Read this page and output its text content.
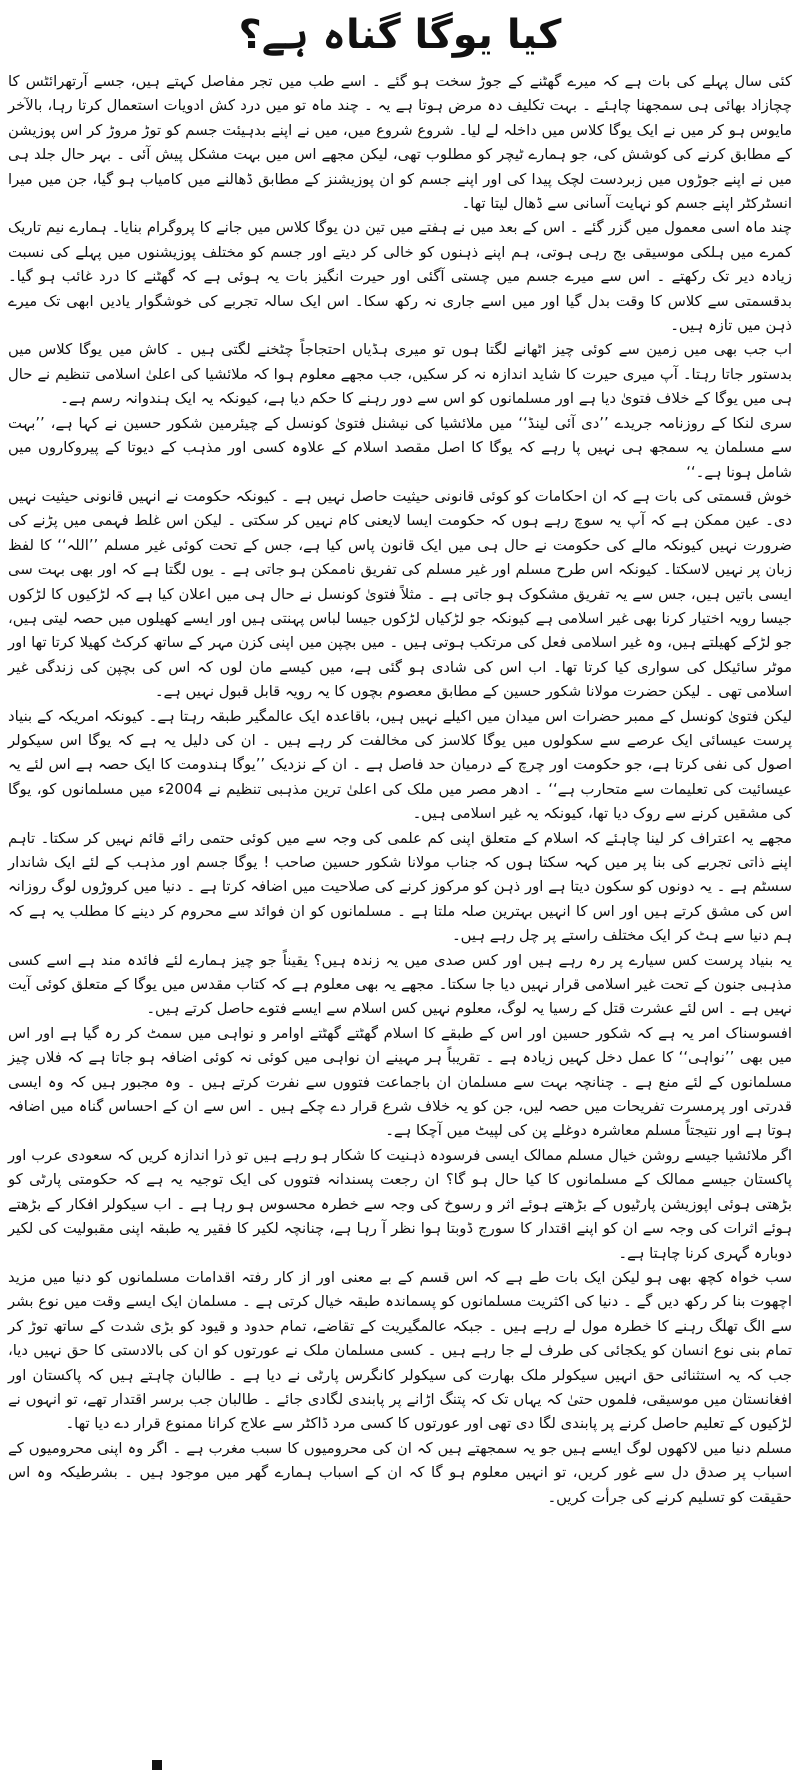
کیا یوگا گناہ ہے؟

کئی سال پہلے کی بات ہے کہ میرے گھٹنے کے جوڑ سخت ہو گئے ۔ اسے طب میں تجر مفاصل کہتے ہیں، جسے آرتھرائٹس کا چچازاد بھائی ہی سمجھنا چاہئے ۔ بہت تکلیف دہ مرض ہوتا ہے یہ ۔ چند ماہ تو میں درد کش ادویات استعمال کرتا رہا، بالآخر مایوس ہو کر میں نے ایک یوگا کلاس میں داخلہ لے لیا۔ شروع شروع میں، میں نے اپنے بدہیئت جسم کو توڑ مروڑ کر اس پوزیشن کے مطابق کرنے کی کوشش کی، جو ہمارے ٹیچر کو مطلوب تھی، لیکن مجھے اس میں بہت مشکل پیش آئی ۔ بہر حال جلد ہی میں نے اپنے جوڑوں میں زبردست لچک پیدا کی اور اپنے جسم کو ان پوزیشنز کے مطابق ڈھالنے میں کامیاب ہو گیا، جن میں میرا انسٹرکٹر اپنے جسم کو نہایت آسانی سے ڈھال لیتا تھا۔

چند ماہ اسی معمول میں گزر گئے ۔ اس کے بعد میں نے ہفتے میں تین دن یوگا کلاس میں جانے کا پروگرام بنایا۔ ہمارے نیم تاریک کمرے میں ہلکی موسیقی بج رہی ہوتی، ہم اپنے ذہنوں کو خالی کر دیتے اور جسم کو مختلف پوزیشنوں میں پہلے کی نسبت زیادہ دیر تک رکھتے ۔ اس سے میرے جسم میں چستی آگئی اور حیرت انگیز بات یہ ہوئی ہے کہ گھٹنے کا درد غائب ہو گیا۔ بدقسمتی سے کلاس کا وقت بدل گیا اور میں اسے جاری نہ رکھ سکا۔ اس ایک سالہ تجربے کی خوشگوار یادیں ابھی تک میرے ذہن میں تازہ ہیں۔

اب جب بھی میں زمین سے کوئی چیز اٹھانے لگتا ہوں تو میری ہڈیاں احتجاجاً چٹخنے لگتی ہیں ۔ کاش میں یوگا کلاس میں بدستور جاتا رہتا۔ آپ میری حیرت کا شاید اندازہ نہ کر سکیں، جب مجھے معلوم ہوا کہ ملائشیا کی اعلیٰ اسلامی تنظیم نے حال ہی میں یوگا کے خلاف فتویٰ دیا ہے اور مسلمانوں کو اس سے دور رہنے کا حکم دیا ہے، کیونکہ یہ ایک ہندوانہ رسم ہے۔

سری لنکا کے روزنامہ جریدے ’’دی آئی لینڈ‘‘ میں ملائشیا کی نیشنل فتویٰ کونسل کے چیئرمین شکور حسین نے کہا ہے، ’’بہت سے مسلمان یہ سمجھ ہی نہیں پا رہے کہ یوگا کا اصل مقصد اسلام کے علاوہ کسی اور مذہب کے دیوتا کے پیروکاروں میں شامل ہونا ہے۔‘‘

خوش قسمتی کی بات ہے کہ ان احکامات کو کوئی قانونی حیثیت حاصل نہیں ہے ۔ کیونکہ حکومت نے انہیں قانونی حیثیت نہیں دی۔ عین ممکن ہے کہ آپ یہ سوچ رہے ہوں کہ حکومت ایسا لایعنی کام نہیں کر سکتی ۔ لیکن اس غلط فہمی میں پڑنے کی ضرورت نہیں کیونکہ مالے کی حکومت نے حال ہی میں ایک قانون پاس کیا ہے، جس کے تحت کوئی غیر مسلم ’’اللہ‘‘ کا لفظ زبان پر نہیں لاسکتا۔ کیونکہ اس طرح مسلم اور غیر مسلم کی تفریق ناممکن ہو جاتی ہے ۔ یوں لگتا ہے کہ اور بھی بہت سی ایسی باتیں ہیں، جس سے یہ تفریق مشکوک ہو جاتی ہے ۔ مثلاً فتویٰ کونسل نے حال ہی میں اعلان کیا ہے کہ لڑکیوں کا لڑکوں جیسا رویہ اختیار کرنا بھی غیر اسلامی ہے کیونکہ جو لڑکیاں لڑکوں جیسا لباس پہنتی ہیں اور ایسے کھیلوں میں حصہ لیتی ہیں، جو لڑکے کھیلتے ہیں، وہ غیر اسلامی فعل کی مرتکب ہوتی ہیں ۔ میں بچپن میں اپنی کزن مہر کے ساتھ کرکٹ کھیلا کرتا تھا اور موٹر سائیکل کی سواری کیا کرتا تھا۔ اب اس کی شادی ہو گئی ہے، میں کیسے مان لوں کہ اس کی بچپن کی زندگی غیر اسلامی تھی ۔ لیکن حضرت مولانا شکور حسین کے مطابق معصوم بچوں کا یہ رویہ قابل قبول نہیں ہے۔

لیکن فتویٰ کونسل کے ممبر حضرات اس میدان میں اکیلے نہیں ہیں، باقاعدہ ایک عالمگیر طبقہ رہتا ہے۔ کیونکہ امریکہ کے بنیاد پرست عیسائی ایک عرصے سے سکولوں میں یوگا کلاسز کی مخالفت کر رہے ہیں ۔ ان کی دلیل یہ ہے کہ یوگا اس سیکولر اصول کی نفی کرتا ہے، جو حکومت اور چرچ کے درمیان حد فاصل ہے ۔ ان کے نزدیک ’’یوگا ہندومت کا ایک حصہ ہے اس لئے یہ عیسائیت کی تعلیمات سے متحارب ہے‘‘ ۔ ادھر مصر میں ملک کی اعلیٰ ترین مذہبی تنظیم نے 2004ء میں مسلمانوں کو، یوگا کی مشقیں کرنے سے روک دیا تھا، کیونکہ یہ غیر اسلامی ہیں۔

مجھے یہ اعتراف کر لینا چاہئے کہ اسلام کے متعلق اپنی کم علمی کی وجہ سے میں کوئی حتمی رائے قائم نہیں کر سکتا۔ تاہم اپنے ذاتی تجربے کی بنا پر میں کہہ سکتا ہوں کہ جناب مولانا شکور حسین صاحب ! یوگا جسم اور مذہب کے لئے ایک شاندار سسٹم ہے ۔ یہ دونوں کو سکون دیتا ہے اور ذہن کو مرکوز کرنے کی صلاحیت میں اضافہ کرتا ہے ۔ دنیا میں کروڑوں لوگ روزانہ اس کی مشق کرتے ہیں اور اس کا انہیں بہترین صلہ ملتا ہے ۔ مسلمانوں کو ان فوائد سے محروم کر دینے کا مطلب یہ ہے کہ ہم دنیا سے ہٹ کر ایک مختلف راستے پر چل رہے ہیں۔

یہ بنیاد پرست کس سیارے پر رہ رہے ہیں اور کس صدی میں یہ زندہ ہیں؟ یقیناً جو چیز ہمارے لئے فائدہ مند ہے اسے کسی مذہبی جنون کے تحت غیر اسلامی قرار نہیں دیا جا سکتا۔ مجھے یہ بھی معلوم ہے کہ کتاب مقدس میں یوگا کے متعلق کوئی آیت نہیں ہے ۔ اس لئے عشرت قتل کے رسیا یہ لوگ، معلوم نہیں کس اسلام سے ایسے فتوے حاصل کرتے ہیں۔

افسوسناک امر یہ ہے کہ شکور حسین اور اس کے طبقے کا اسلام گھٹتے گھٹتے اوامر و نواہی میں سمٹ کر رہ گیا ہے اور اس میں بھی ’’نواہی‘‘ کا عمل دخل کہیں زیادہ ہے ۔ تقریباً ہر مہینے ان نواہی میں کوئی نہ کوئی اضافہ ہو جاتا ہے کہ فلاں چیز مسلمانوں کے لئے منع ہے ۔ چنانچہ بہت سے مسلمان ان باجماعت فتووں سے نفرت کرتے ہیں ۔ وہ مجبور ہیں کہ وہ ایسی قدرتی اور پرمسرت تفریحات میں حصہ لیں، جن کو یہ خلاف شرع قرار دے چکے ہیں ۔ اس سے ان کے احساس گناہ میں اضافہ ہوتا ہے اور نتیجتاً مسلم معاشرہ دوغلے پن کی لپیٹ میں آچکا ہے۔

اگر ملائشیا جیسے روشن خیال مسلم ممالک ایسی فرسودہ ذہنیت کا شکار ہو رہے ہیں تو ذرا اندازہ کریں کہ سعودی عرب اور پاکستان جیسے ممالک کے مسلمانوں کا کیا حال ہو گا؟ ان رجعت پسندانہ فتووں کی ایک توجیہ یہ ہے کہ حکومتی پارٹی کو بڑھتی ہوئی اپوزیشن پارٹیوں کے بڑھتے ہوئے اثر و رسوخ کی وجہ سے خطرہ محسوس ہو رہا ہے ۔ اب سیکولر افکار کے بڑھتے ہوئے اثرات کی وجہ سے ان کو اپنے اقتدار کا سورج ڈوبتا ہوا نظر آ رہا ہے، چنانچہ لکیر کا فقیر یہ طبقہ اپنی مقبولیت کی لکیر دوبارہ گہری کرنا چاہتا ہے۔

سب خواہ کچھ بھی ہو لیکن ایک بات طے ہے کہ اس قسم کے بے معنی اور از کار رفتہ اقدامات مسلمانوں کو دنیا میں مزید اچھوت بنا کر رکھ دیں گے ۔ دنیا کی اکثریت مسلمانوں کو پسماندہ طبقہ خیال کرتی ہے ۔ مسلمان ایک ایسے وقت میں نوع بشر سے الگ تھلگ رہنے کا خطرہ مول لے رہے ہیں ۔ جبکہ عالمگیریت کے تقاضے، تمام حدود و قیود کو بڑی شدت کے ساتھ توڑ کر تمام بنی نوع انسان کو یکجائی کی طرف لے جا رہے ہیں ۔ کسی مسلمان ملک نے عورتوں کو ان کی بالادستی کا حق نہیں دیا، جب کہ یہ استثنائی حق انہیں سیکولر ملک بھارت کی سیکولر کانگرس پارٹی نے دیا ہے ۔ طالبان چاہتے ہیں کہ پاکستان اور افغانستان میں موسیقی، فلموں حتیٰ کہ یہاں تک کہ پتنگ اڑانے پر پابندی لگادی جائے ۔ طالبان جب برسر اقتدار تھے، تو انہوں نے لڑکیوں کے تعلیم حاصل کرنے پر پابندی لگا دی تھی اور عورتوں کا کسی مرد ڈاکٹر سے علاج کرانا ممنوع قرار دے دیا تھا۔

مسلم دنیا میں لاکھوں لوگ ایسے ہیں جو یہ سمجھتے ہیں کہ ان کی محرومیوں کا سبب مغرب ہے ۔ اگر وہ اپنی محرومیوں کے اسباب پر صدق دل سے غور کریں، تو انہیں معلوم ہو گا کہ ان کے اسباب ہمارے گھر میں موجود ہیں ۔ بشرطیکہ وہ اس حقیقت کو تسلیم کرنے کی جرأت کریں۔
